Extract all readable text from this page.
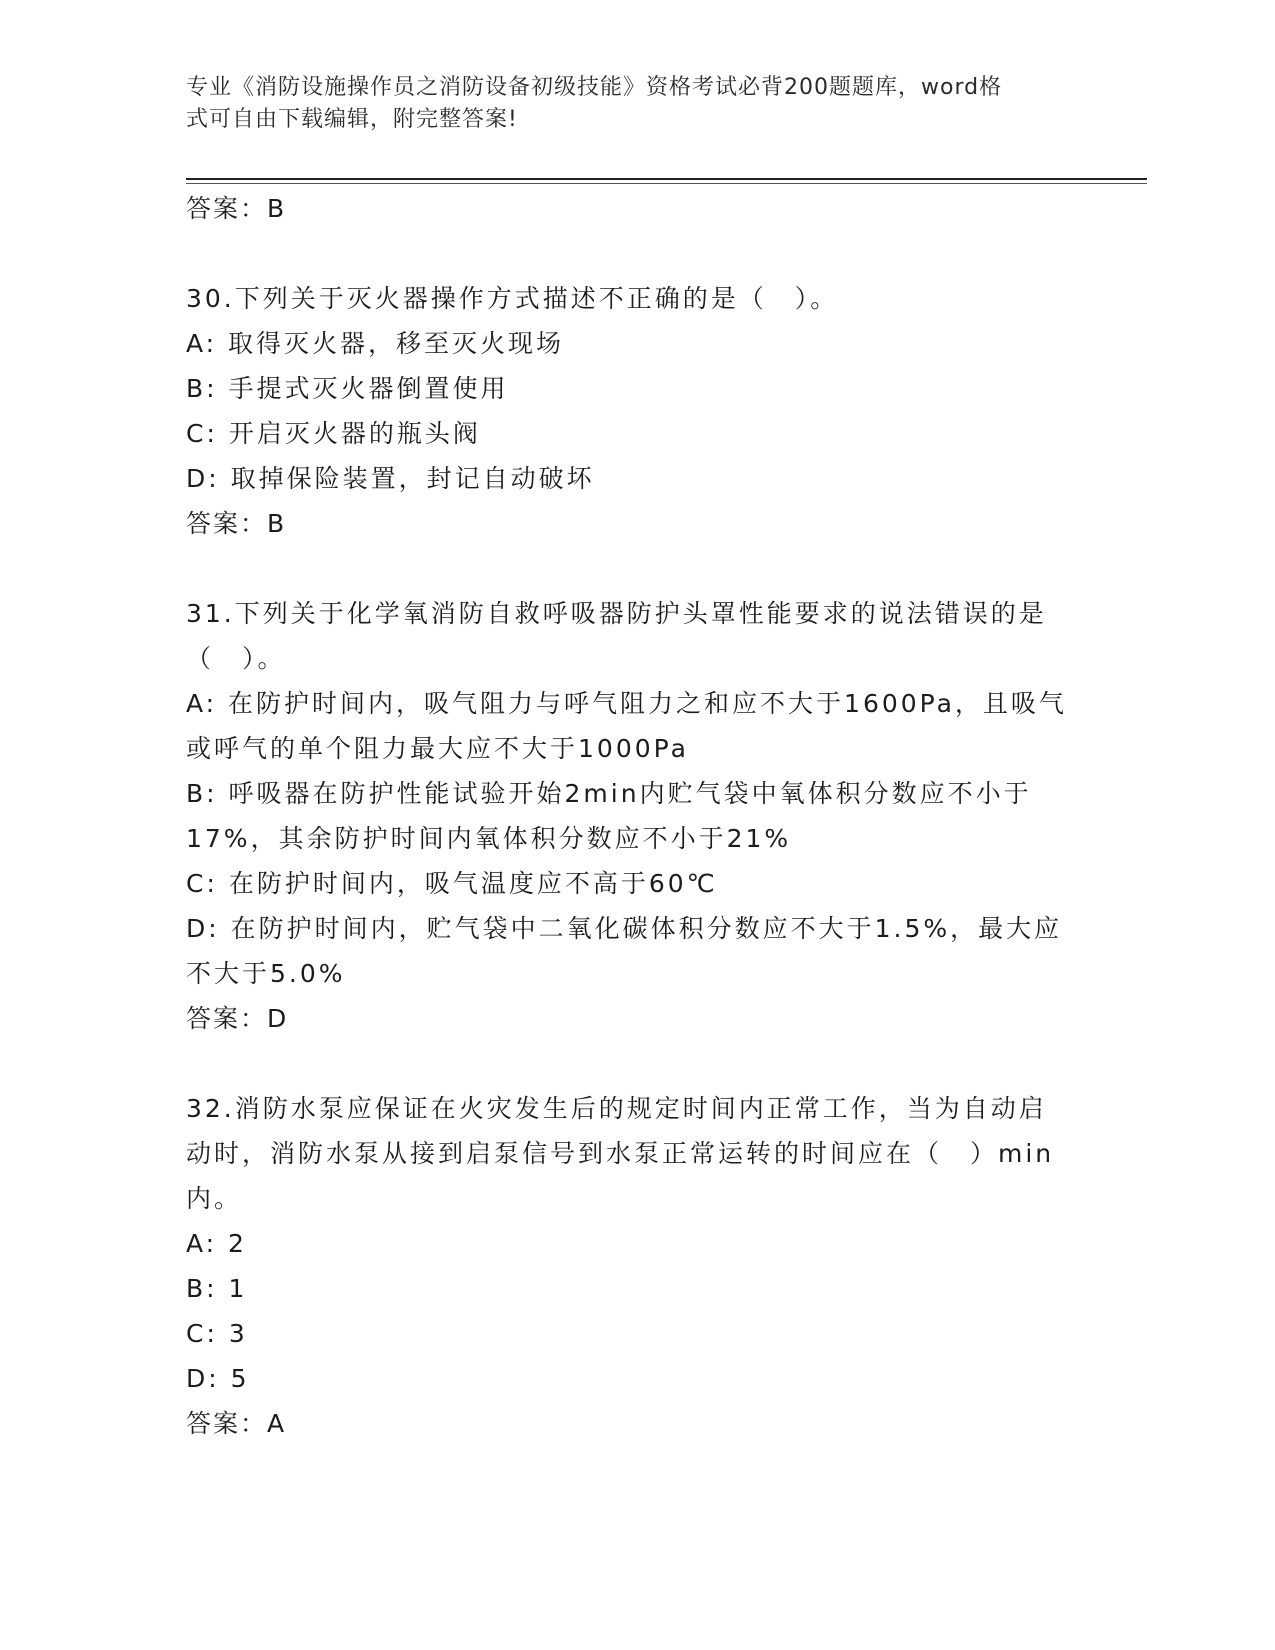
专业《消防设施操作员之消防设备初级技能》资格考试必背200题题库，word格
式可自由下载编辑，附完整答案!
答案：B
30.下列关于灭火器操作方式描述不正确的是（　）。
A: 取得灭火器，移至灭火现场
B: 手提式灭火器倒置使用
C: 开启灭火器的瓶头阀
D: 取掉保险装置，封记自动破坏
答案：B
31.下列关于化学氧消防自救呼吸器防护头罩性能要求的说法错误的是
（　）。
A: 在防护时间内，吸气阻力与呼气阻力之和应不大于1600Pa，且吸气
或呼气的单个阻力最大应不大于1000Pa
B: 呼吸器在防护性能试验开始2min内贮气袋中氧体积分数应不小于
17%，其余防护时间内氧体积分数应不小于21%
C: 在防护时间内，吸气温度应不高于60℃
D: 在防护时间内，贮气袋中二氧化碳体积分数应不大于1.5%，最大应
不大于5.0%
答案：D
32.消防水泵应保证在火灾发生后的规定时间内正常工作，当为自动启
动时，消防水泵从接到启泵信号到水泵正常运转的时间应在（　）min
内。
A: 2
B: 1
C: 3
D: 5
答案：A
